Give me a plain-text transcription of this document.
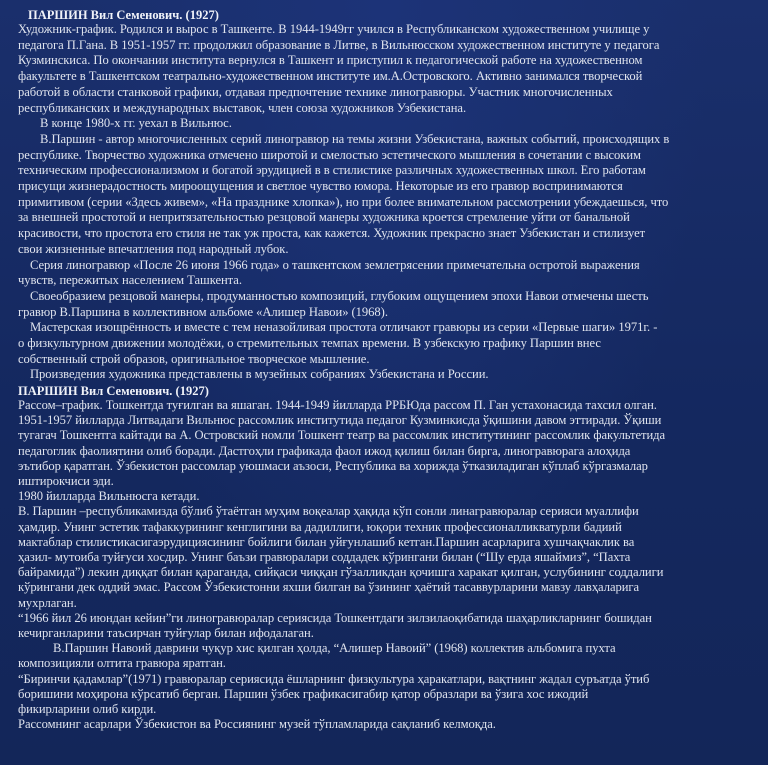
ПАРШИН Вил Семенович. (1927)
Художник-график. Родился и вырос в Ташкенте. В 1944-1949гг учился в Республиканском художественном училище у
педагога П.Гана. В 1951-1957 гг. продолжил образование в Литве, в Вильнюсском художественном институте у педагога
Кузминскиса. По окончании института вернулся в Ташкент и приступил к педагогической работе на художественном
факультете в Ташкентском театрально-художественном институте им.А.Островского. Активно занимался творческой
работой в области станковой графики, отдавая предпочтение технике линогравюры. Участник многочисленных
республиканских и международных выставок, член союза художников Узбекистана.
В конце 1980-х гг. уехал в Вильнюс.
В.Паршин - автор многочисленных серий линогравюр на темы жизни Узбекистана, важных событий, происходящих в
республике. Творчество художника отмечено широтой и смелостью эстетического мышления в сочетании с высоким
техническим профессионализмом и богатой эрудицией в в стилистике различных художественных школ. Его работам
присущи жизнерадостность мироощущения и светлое чувство юмора. Некоторые из его гравюр воспринимаются
примитивом (серии «Здесь живем», «На празднике хлопка»), но при более внимательном рассмотрении убеждаешься, что
за внешней простотой и непритязательностью резцовой манеры художника кроется стремление уйти от банальной
красивости, что простота его стиля не так уж проста, как кажется. Художник прекрасно знает Узбекистан и стилизует
свои жизненные впечатления под народный лубок.
Серия линогравюр «После 26 июня 1966 года» о ташкентском землетрясении примечательна остротой выражения
чувств, пережитых населением Ташкента.
Своеобразием резцовой манеры, продуманностью композиций, глубоким ощущением эпохи Навои отмечены шесть
гравюр В.Паршина в коллективном альбоме «Алишер Навои» (1968).
Мастерская изощрённость и вместе с тем неназойливая простота отличают гравюры из серии «Первые шаги» 1971г. -
о физкультурном движении молодёжи, о стремительных темпах времени. В узбекскую графику Паршин внес
собственный строй образов, оригинальное творческое мышление.
Произведения художника представлены в музейных собраниях Узбекистана и России.
ПАРШИН Вил Семенович. (1927)
Рассом–график. Тошкентда туғилган ва яшаган. 1944-1949 йилларда РРБЮда рассом П. Ган устахонасида тахсил олган.
1951-1957 йилларда Литвадаги Вильнюс рассомлик институтида педагог Кузминкисда ўқишини давом эттиради. Ўқиши
тугагач Тошкентга кайтади ва А. Островский номли Тошкент театр ва рассомлик институтининг рассомлик факультетида
педагоглик фаолиятини олиб боради. Дастгоҳли графикада фаол ижод қилиш билан бирга, линогравюрага алоҳида
эътибор қаратган. Ўзбекистон рассомлар уюшмаси аъзоси, Республика ва хорижда ўтказиладиган кўплаб кўргазмалар
иштирокчиси эди.
1980 йилларда Вильнюсга кетади.
В. Паршин –республикамизда бўлиб ўтаётган муҳим воқеалар ҳақида кўп сонли линагравюралар серияси муаллифи
ҳамдир. Унинг эстетик тафаккурининг кенглигини ва дадиллиги, юқори техник профессионалликватурли бадиий
мактаблар стилистикасигаэрудициясининг бойлиги билан уйғунлашиб кетган.Паршин асарларига хушчақчаклик ва
ҳазил- мутоиба туйғуси хосдир. Унинг баъзи гравюралари соддадек кўрингани билан (“Шу ерда яшаймиз”, “Пахта
байрамида”) лекин диққат билан қараганда, сийқаси чиққан гўзалликдан қочишга харакат қилган, услубининг соддалиги
кўрингани дек оддий эмас. Рассом Ўзбекистонни яхши билган ва ўзининг ҳаётий тасаввурларини мавзу лавҳаларига
мухрлаган.
“1966 йил 26 июндан кейин”ги линогравюралар сериясида Тошкентдаги зилзилаоқибатида шаҳарликларнинг бошидан
кечирганларини таъсирчан туйғулар билан ифодалаган.
В.Паршин Навоий даврини чуқур хис қилган ҳолда, “Алишер Навоий” (1968) коллектив альбомига пухта
композицияли олтита гравюра яратган.
“Биринчи қадамлар”(1971) гравюралар сериясида ёшларнинг физкультура ҳаракатлари, вақтнинг жадал суръатда ўтиб
боришини моҳирона кўрсатиб берган. Паршин ўзбек графикасигабир қатор образлари ва ўзига хос ижодий
фикирларини олиб кирди.
Рассомнинг асарлари Ўзбекистон ва Россиянинг музей тўпламларида сақланиб келмоқда.
